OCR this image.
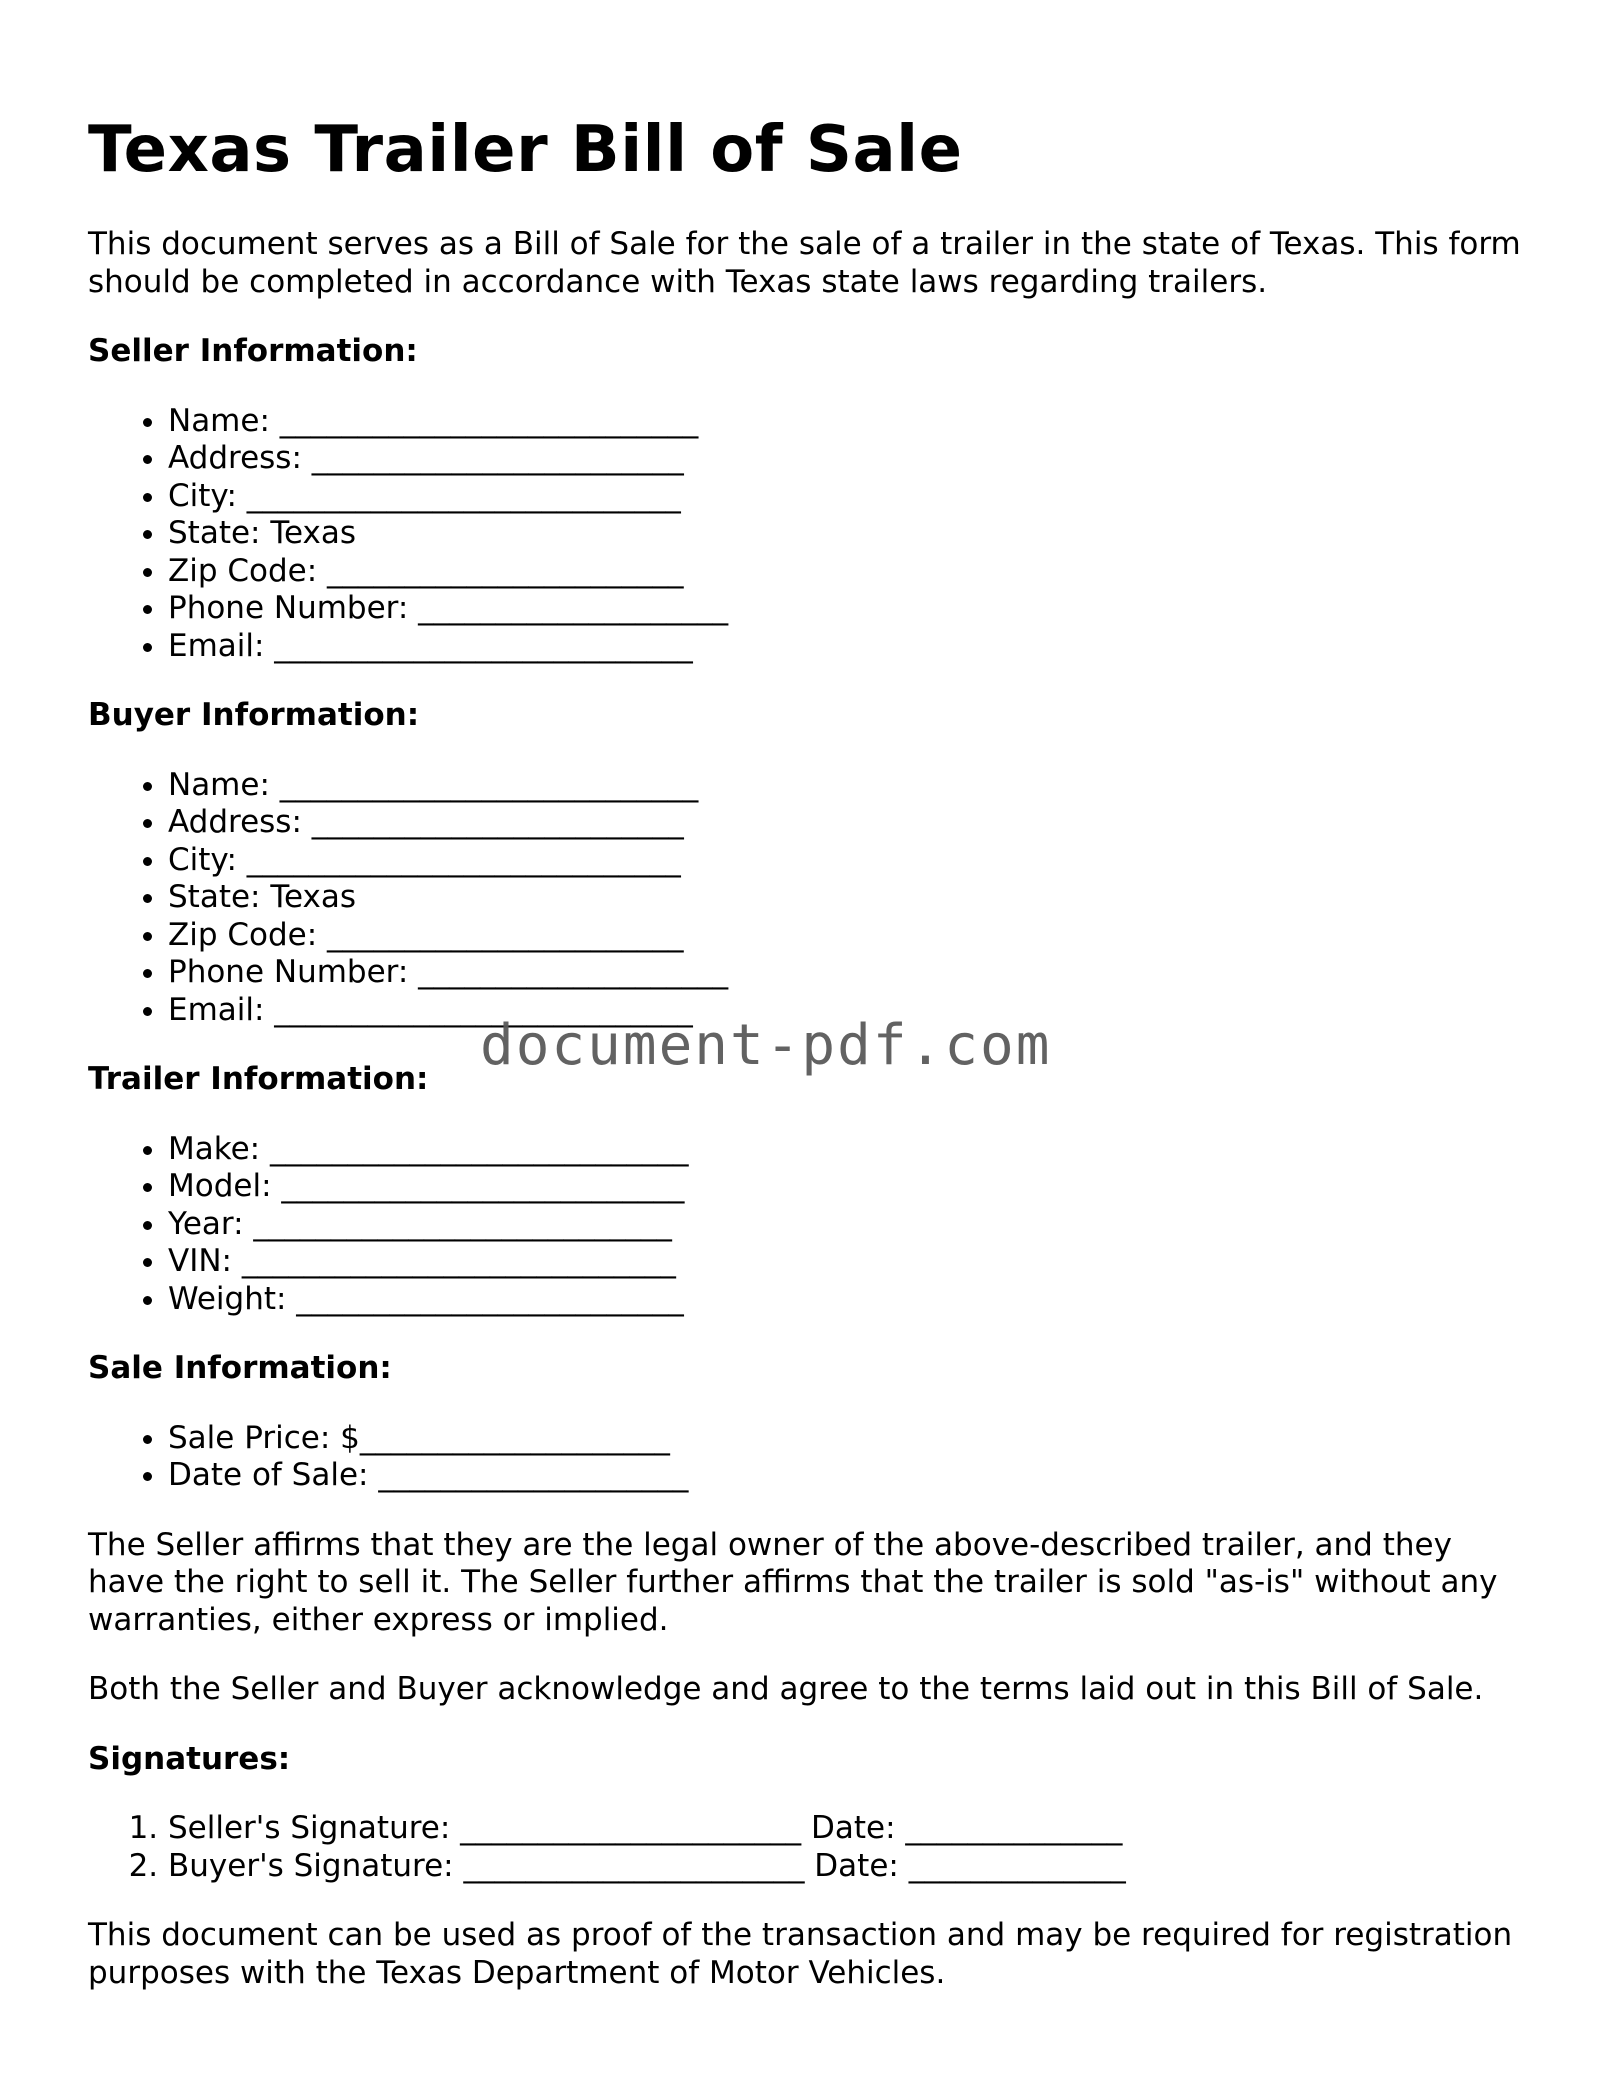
Texas Trailer Bill of Sale

This document serves as a Bill of Sale for the sale of a trailer in the state of Texas. This form should be completed in accordance with Texas state laws regarding trailers.

Seller Information:
• Name: ___________________________
• Address: ________________________
• City: ____________________________
• State: Texas
• Zip Code: _______________________
• Phone Number: ____________________
• Email: ___________________________
Buyer Information:
• Name: ___________________________
• Address: ________________________
• City: ____________________________
• State: Texas
• Zip Code: _______________________
• Phone Number: ____________________
• Email: ___________________________
Trailer Information:
• Make: ___________________________
• Model: __________________________
• Year: ___________________________
• VIN: ____________________________
• Weight: _________________________
Sale Information:
• Sale Price: $____________________
• Date of Sale: ____________________

The Seller affirms that they are the legal owner of the above-described trailer, and they have the right to sell it. The Seller further affirms that the trailer is sold "as-is" without any warranties, either express or implied.

Both the Seller and Buyer acknowledge and agree to the terms laid out in this Bill of Sale.

Signatures:
1. Seller's Signature: ______________________ Date: ______________
2. Buyer's Signature: ______________________ Date: ______________

This document can be used as proof of the transaction and may be required for registration purposes with the Texas Department of Motor Vehicles.

document-pdf.com
